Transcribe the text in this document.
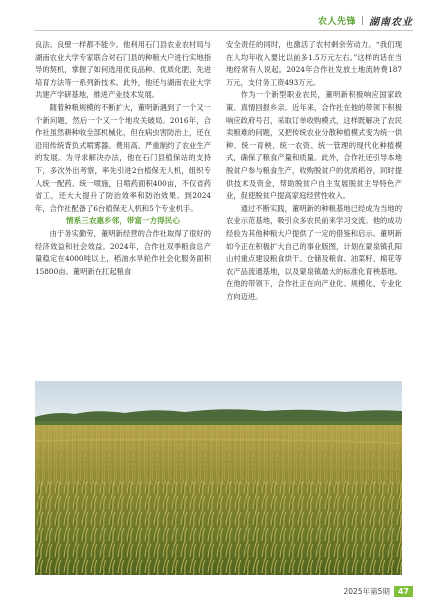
农人先锋 湖南农业

良法、良壁一样都不能少。他利用石门县农业农村局与湖南农业大学专家联合对石门县的种粮大户进行实地指导的契机，掌握了如何选用优良品种、优质化肥、先进培育方法等一系列新技术。此外，他还与湖南农业大学共建产学研基地，推进产业技术发展。

随着种粮规模的不断扩大，董明新遇到了一个又一个新问题，然后一个又一个地攻关破局。2016年，合作社虽然耕种收全部机械化，但在病虫害防治上，还在沿用传统背负式喷雾器。费用高、严重制约了农业生产的发展。为寻求解决办法，他在石门县植保站的支持下，多次外出考察，率先引进2台植保无人机，组织专人统一配药、统一喷施，日喷药面积400亩，不仅省药省工，还大大提升了防治效率和防治效果。到2024年，合作社配备了6台植保无人机和5个专业机手。

情系三农惠乡邻，带富一方得民心

由于务实勤劳，董明新经营的合作社取得了很好的经济效益和社会效益。2024年，合作社双季粮食总产量稳定在4000吨以上，稻油水旱轮作社会化服务面积15800亩。董明新在扛起粮食

安全责任的同时，也激活了农村剩余劳动力。“我们现在人均年收入要比以前多1.5万元左右。”这样的话在当地经常有人说起。2024年合作社发放土地流转费187万元，支付务工资493万元。

作为一个新型职业农民，董明新积极响应国家政策、真情回报乡亲。近年来，合作社在他的带领下积极响应政府号召，采取订单收购模式，这样既解决了农民卖粮难的问题，又把传统农业分散种植模式变为统一供种、统一育秧、统一农资、统一管理的现代化种植模式，确保了粮食产量和质量。此外，合作社还引导本地脱贫户参与粮食生产，收购脱贫户的优质稻谷，同时提供技术及资金，帮助脱贫户自主发展脱贫主导特色产业，促使脱贫户提高家庭经营性收入。

通过不断实践，董明新的种粮基地已经成为当地的农业示范基地，吸引众多农民前来学习交流。他的成功经验为其他种粮大户提供了一定的借鉴和启示。董明新如今正在积极扩大自己的事业版图，计划在蒙泉镇孔阳山村重点建设粮食烘干、仓储及粮食、油菜籽、棉花等农产品流通基地，以及蒙泉镇最大的标准化育秧基地。在他的带领下，合作社正在向产业化、规模化、专业化方向迈进。

2025年第5期	47
